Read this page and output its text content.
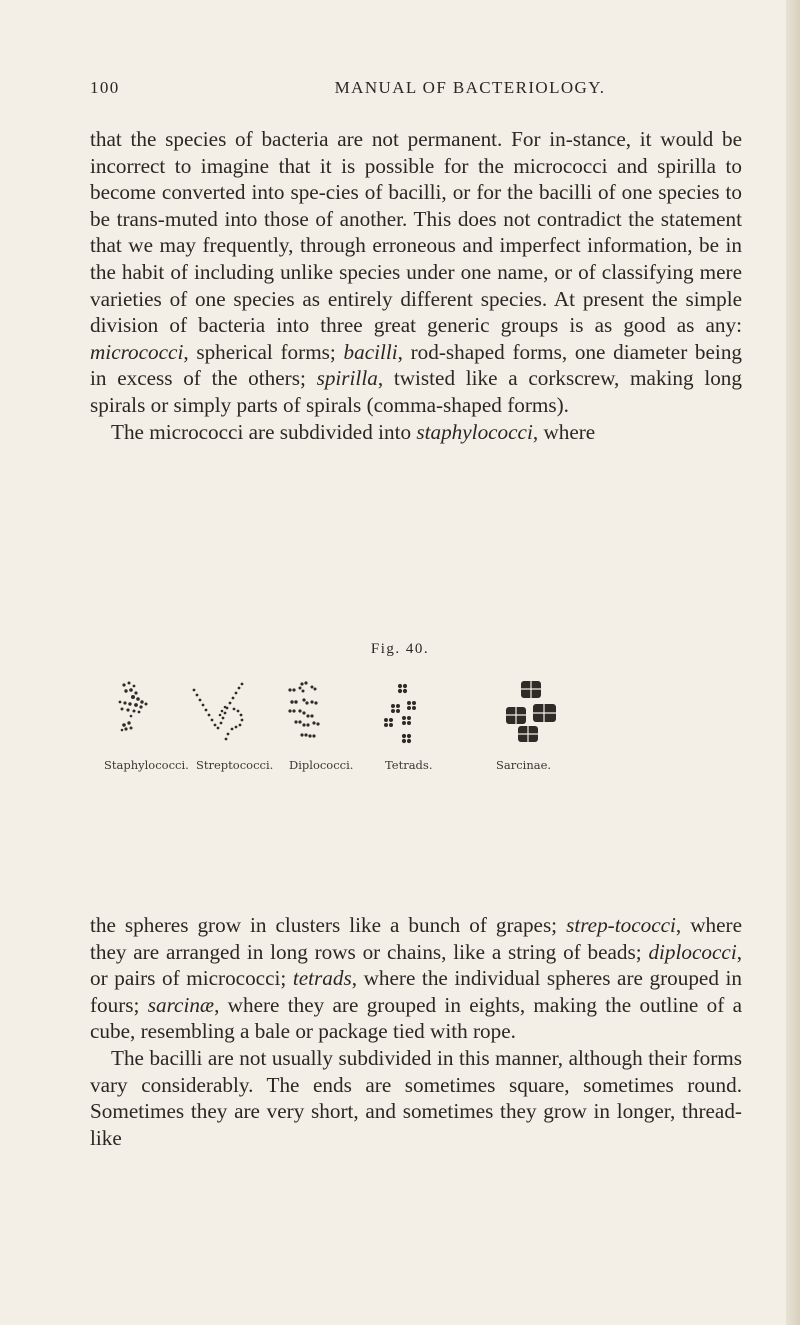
100	MANUAL OF BACTERIOLOGY.

that the species of bacteria are not permanent. For in-stance, it would be incorrect to imagine that it is possible for the micrococci and spirilla to become converted into spe-cies of bacilli, or for the bacilli of one species to be trans-muted into those of another. This does not contradict the statement that we may frequently, through erroneous and imperfect information, be in the habit of including unlike species under one name, or of classifying mere varieties of one species as entirely different species. At present the simple division of bacteria into three great generic groups is as good as any: micrococci, spherical forms; bacilli, rod-shaped forms, one diameter being in excess of the others; spirilla, twisted like a corkscrew, making long spirals or simply parts of spirals (comma-shaped forms).

The micrococci are subdivided into staphylococci, where

Fig. 40.
Staphylococci. Streptococci. Diplococci.	Tetrads.	Sarcinae.

the spheres grow in clusters like a bunch of grapes; strep-tococci, where they are arranged in long rows or chains, like a string of beads; diplococci, or pairs of micrococci; tetrads, where the individual spheres are grouped in fours; sarcinæ, where they are grouped in eights, making the outline of a cube, resembling a bale or package tied with rope.

The bacilli are not usually subdivided in this manner, although their forms vary considerably. The ends are sometimes square, sometimes round. Sometimes they are very short, and sometimes they grow in longer, thread-like
